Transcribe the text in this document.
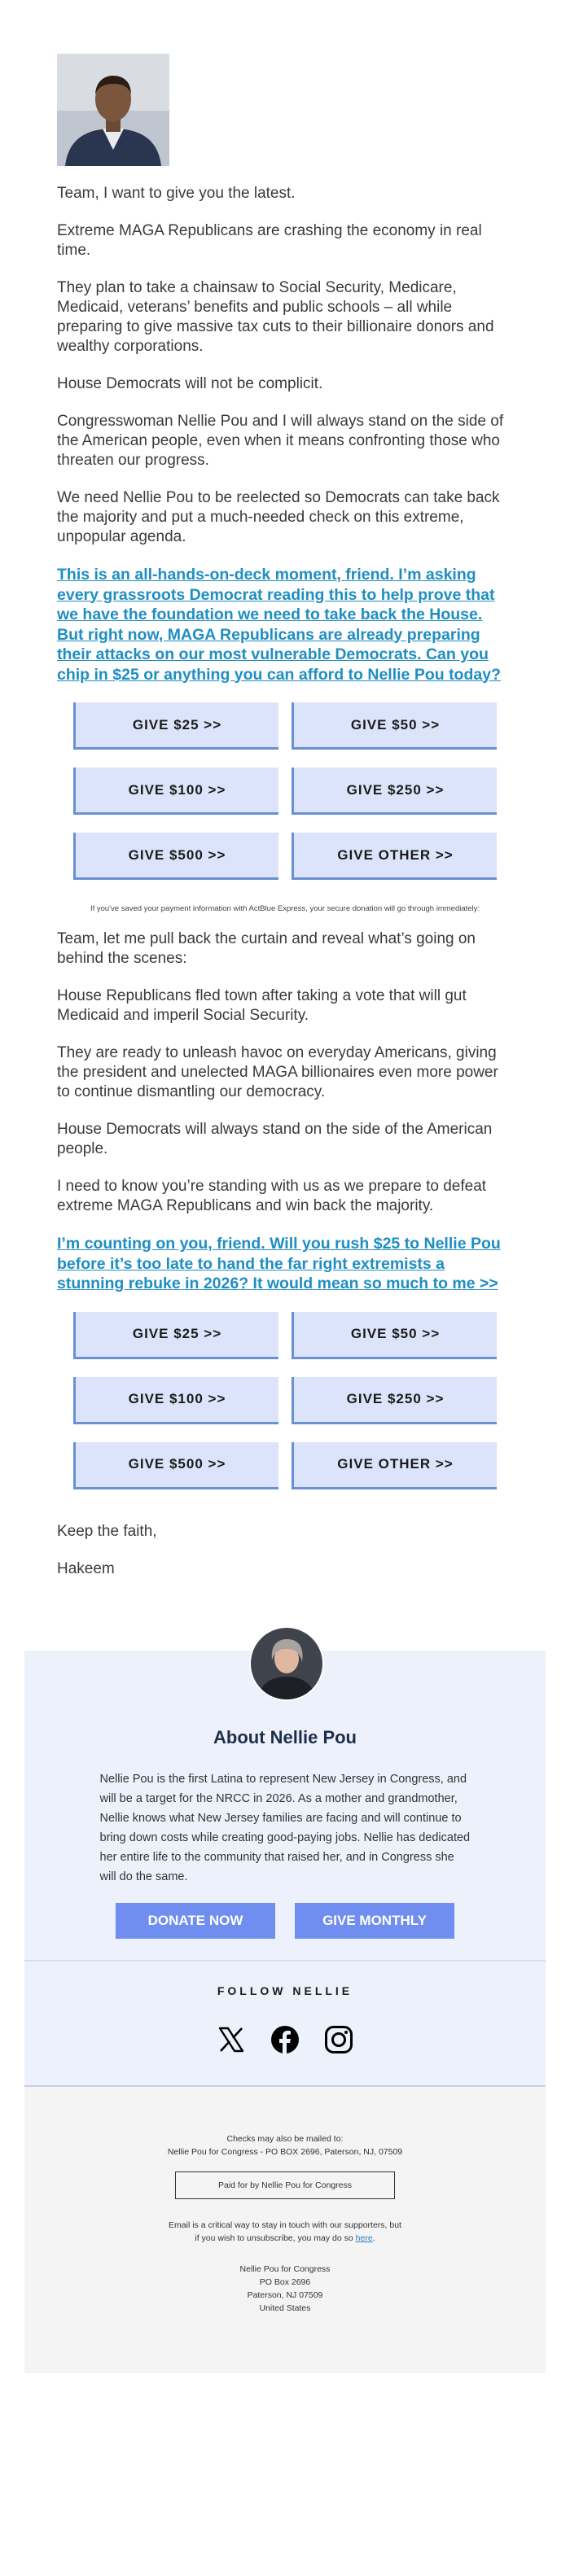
Team, I want to give you the latest.

Extreme MAGA Republicans are crashing the economy in real time.

They plan to take a chainsaw to Social Security, Medicare, Medicaid, veterans’ benefits and public schools – all while preparing to give massive tax cuts to their billionaire donors and wealthy corporations.

House Democrats will not be complicit.

Congresswoman Nellie Pou and I will always stand on the side of the American people, even when it means confronting those who threaten our progress.

We need Nellie Pou to be reelected so Democrats can take back the majority and put a much-needed check on this extreme, unpopular agenda.

This is an all-hands-on-deck moment, friend. I’m asking every grassroots Democrat reading this to help prove that we have the foundation we need to take back the House. But right now, MAGA Republicans are already preparing their attacks on our most vulnerable Democrats. Can you chip in $25 or anything you can afford to Nellie Pou today?
GIVE $25 >>	GIVE $50 >>
GIVE $100 >>	GIVE $250 >>
GIVE $500 >>	GIVE OTHER >>

If you've saved your payment information with ActBlue Express, your secure donation will go through immediately:

Team, let me pull back the curtain and reveal what’s going on behind the scenes:

House Republicans fled town after taking a vote that will gut Medicaid and imperil Social Security.

They are ready to unleash havoc on everyday Americans, giving the president and unelected MAGA billionaires even more power to continue dismantling our democracy.

House Democrats will always stand on the side of the American people.

I need to know you’re standing with us as we prepare to defeat extreme MAGA Republicans and win back the majority.

I’m counting on you, friend. Will you rush $25 to Nellie Pou before it’s too late to hand the far right extremists a stunning rebuke in 2026? It would mean so much to me >>
GIVE $25 >>	GIVE $50 >>
GIVE $100 >>	GIVE $250 >>
GIVE $500 >>	GIVE OTHER >>

Keep the faith,

Hakeem

About Nellie Pou
Nellie Pou is the first Latina to represent New Jersey in Congress, and will be a target for the NRCC in 2026. As a mother and grandmother, Nellie knows what New Jersey families are facing and will continue to bring down costs while creating good-paying jobs. Nellie has dedicated her entire life to the community that raised her, and in Congress she will do the same.
DONATE NOW	GIVE MONTHLY
FOLLOW NELLIE
Checks may also be mailed to:
Nellie Pou for Congress - PO BOX 2696, Paterson, NJ, 07509
Paid for by Nellie Pou for Congress
Email is a critical way to stay in touch with our supporters, but if you wish to unsubscribe, you may do so here.
Nellie Pou for Congress
PO Box 2696
Paterson, NJ 07509
United States
